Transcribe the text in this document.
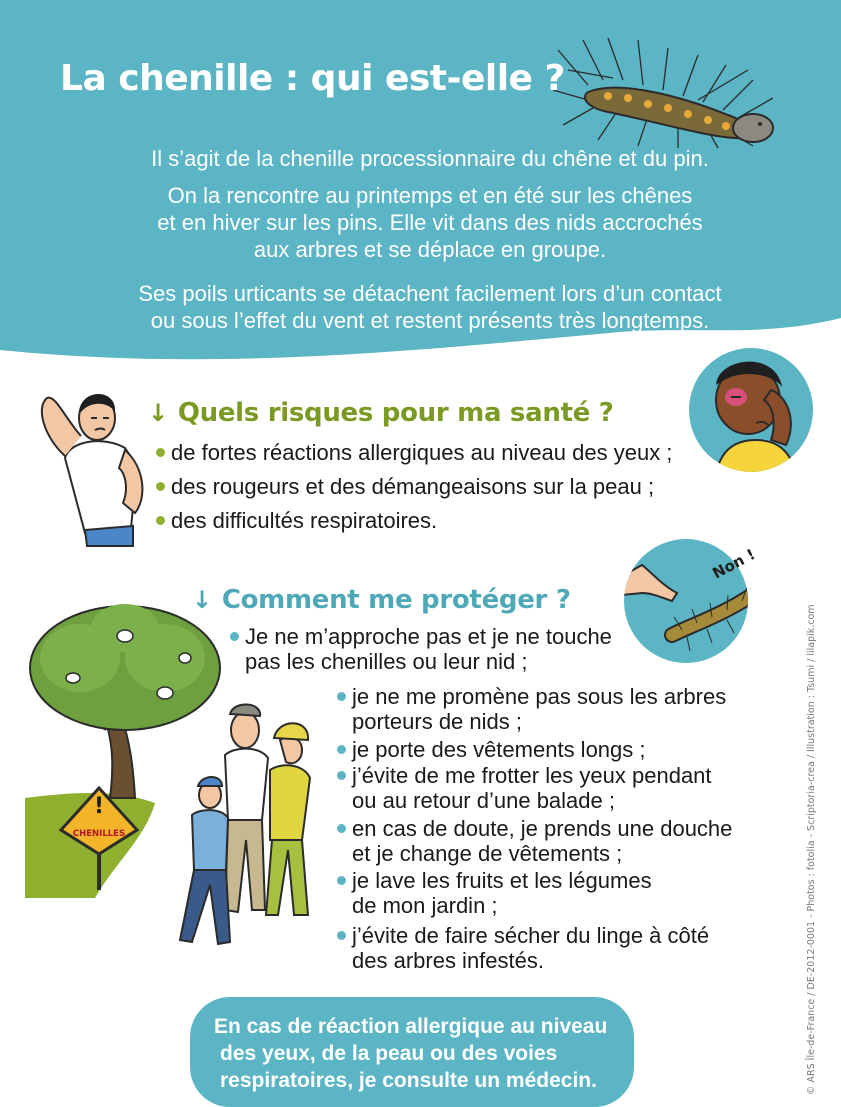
La chenille : qui est-elle ?
Il s’agit de la chenille processionnaire du chêne et du pin.
On la rencontre au printemps et en été sur les chênes
et en hiver sur les pins. Elle vit dans des nids accrochés
aux arbres et se déplace en groupe.
Ses poils urticants se détachent facilement lors d’un contact
ou sous l’effet du vent et restent présents très longtemps.
↓ Quels risques pour ma santé ?
de fortes réactions allergiques au niveau des yeux ;
des rougeurs et des démangeaisons sur la peau ;
des difficultés respiratoires.
Non !
↓ Comment me protéger ?
!
CHENILLES
Je ne m’approche pas et je ne touche
pas les chenilles ou leur nid ;
je ne me promène pas sous les arbres
porteurs de nids ;
je porte des vêtements longs ;
j’évite de me frotter les yeux pendant
ou au retour d’une balade ;
en cas de doute, je prends une douche
et je change de vêtements ;
je lave les fruits et les légumes
de mon jardin ;
j’évite de faire sécher du linge à côté
des arbres infestés.
En cas de réaction allergique au niveau
des yeux, de la peau ou des voies
respiratoires, je consulte un médecin.	© ARS Île-de-France / DE-2012-0001 - Photos : fotolia - Scriptoria-crea / Illustration : Tsumi / lilapik.com
